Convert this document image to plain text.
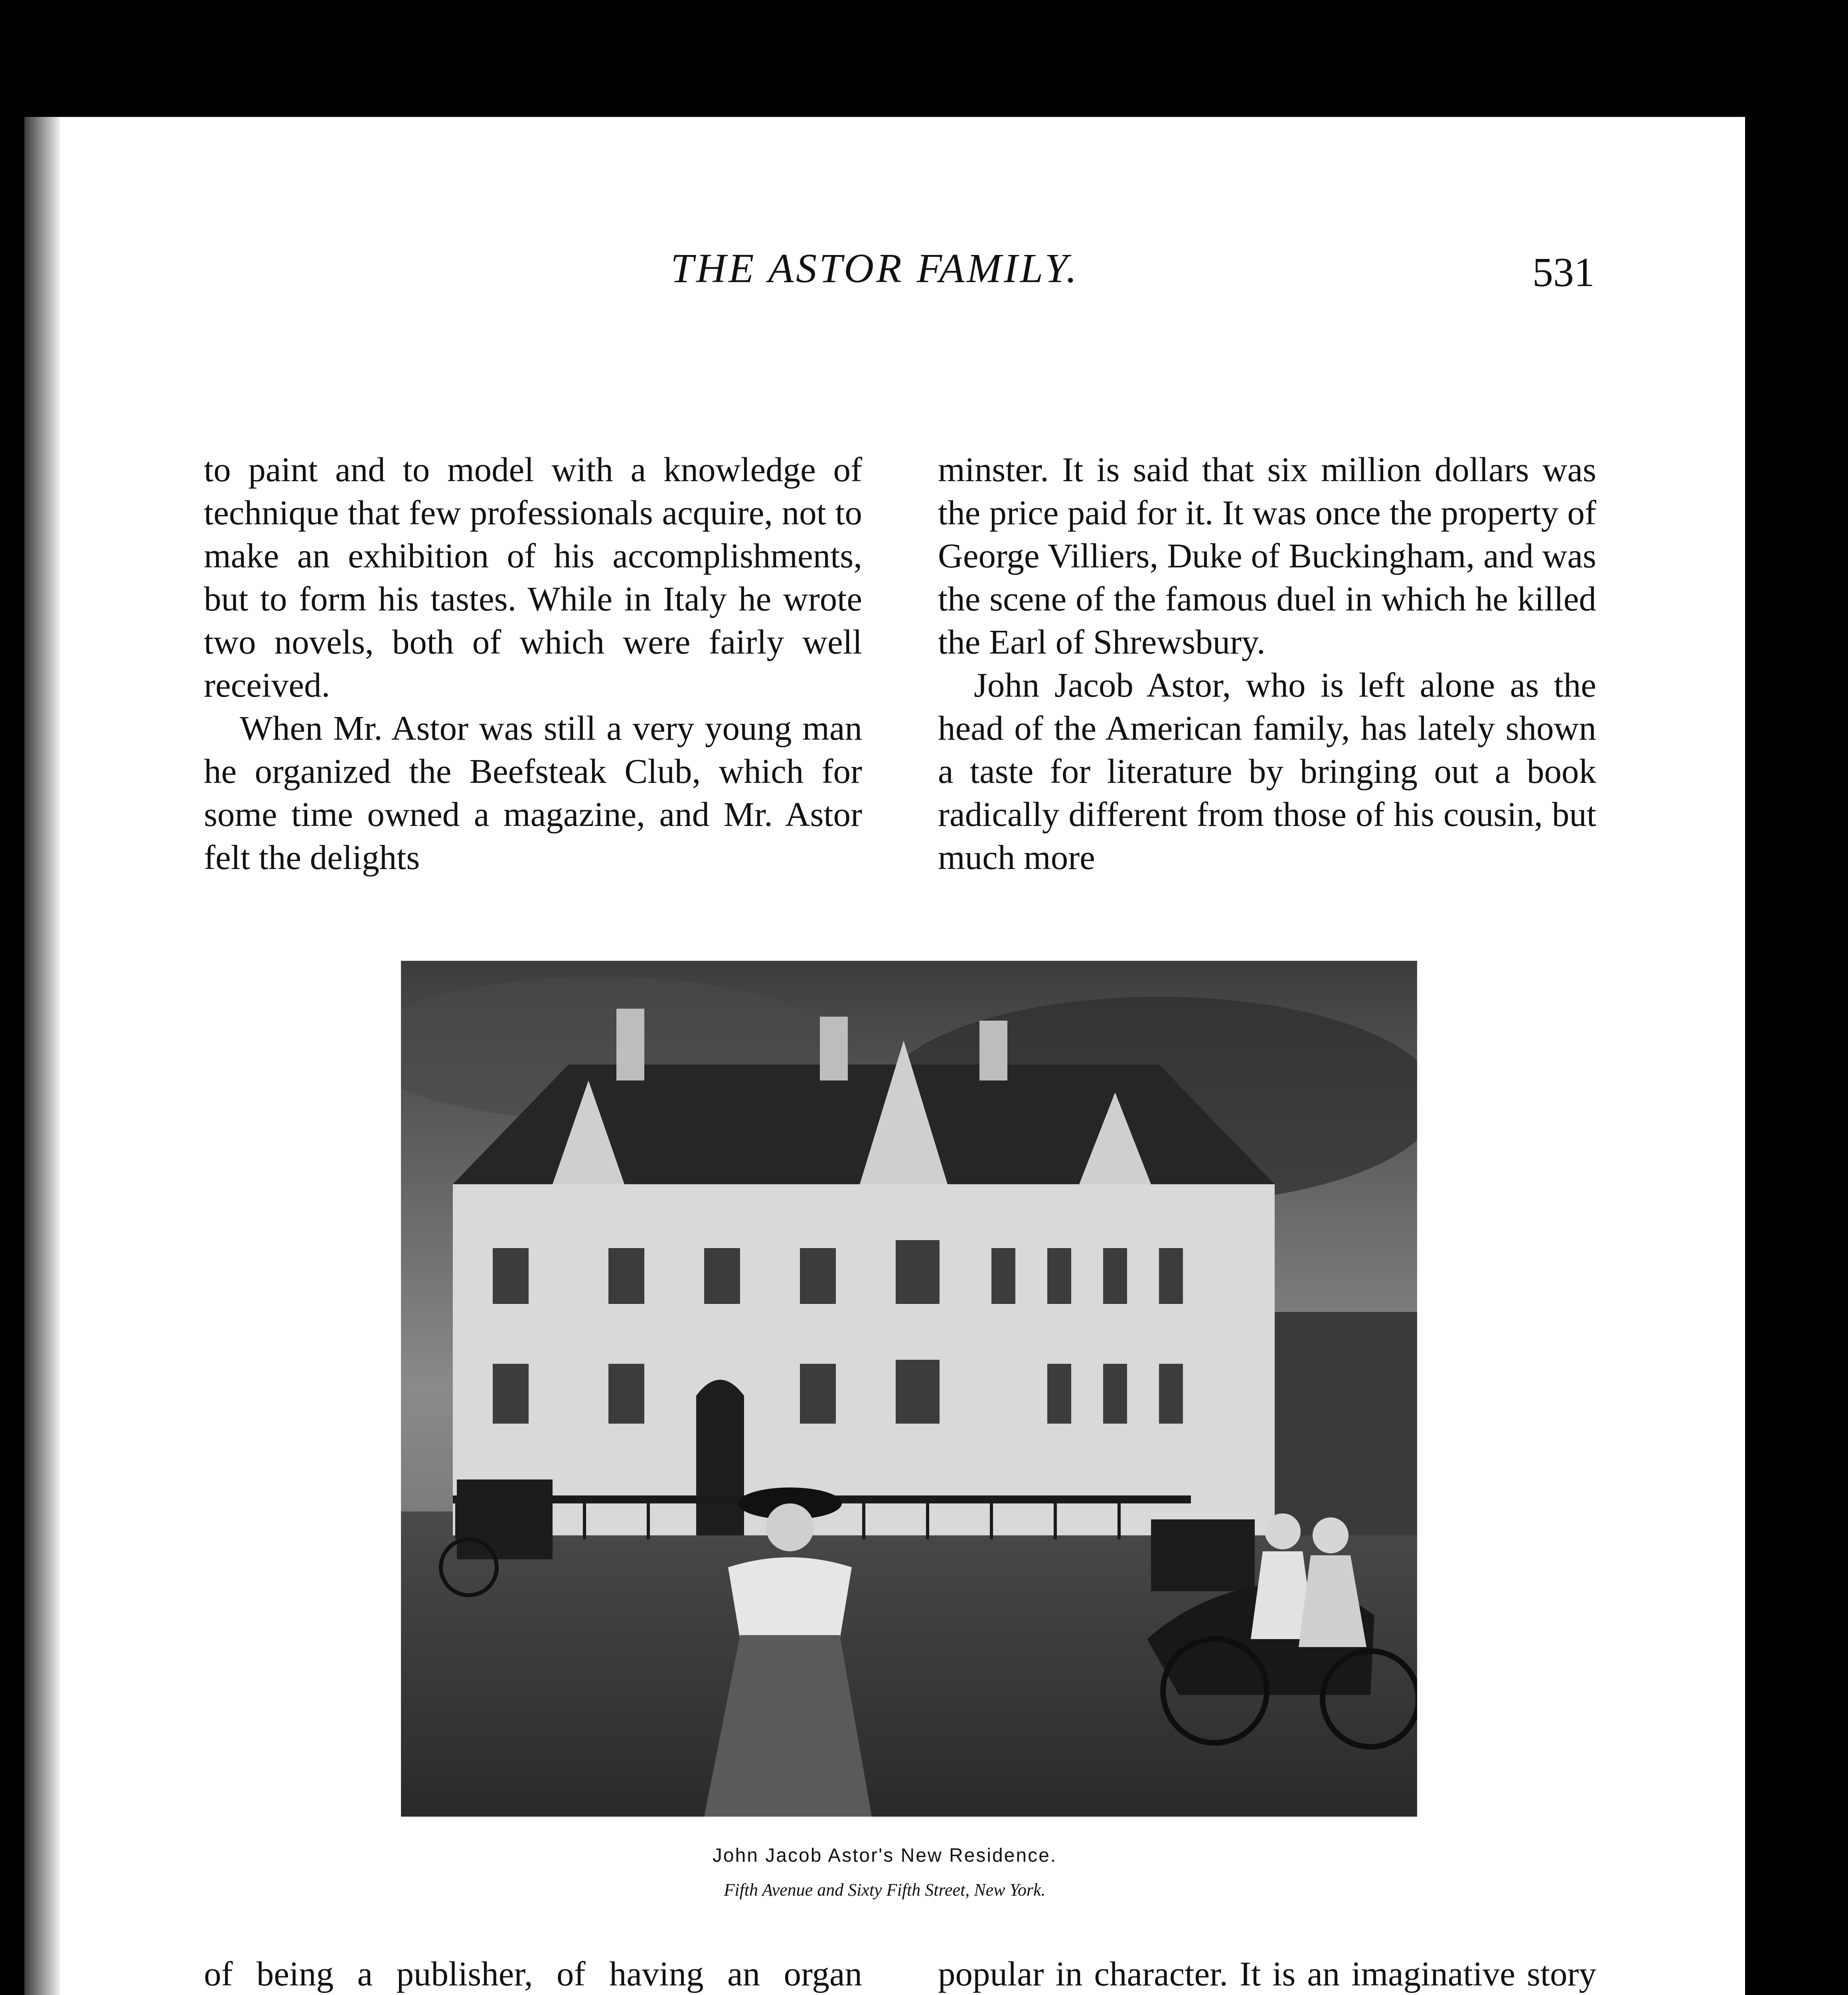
THE ASTOR FAMILY.	531

to paint and to model with a knowledge of technique that few professionals acquire, not to make an exhibition of his accomplishments, but to form his tastes. While in Italy he wrote two novels, both of which were fairly well received.

When Mr. Astor was still a very young man he organized the Beefsteak Club, which for some time owned a magazine, and Mr. Astor felt the delights

minster. It is said that six million dollars was the price paid for it. It was once the property of George Villiers, Duke of Buckingham, and was the scene of the famous duel in which he killed the Earl of Shrewsbury.

John Jacob Astor, who is left alone as the head of the American family, has lately shown a taste for literature by bringing out a book radically different from those of his cousin, but much more

John Jacob Astor's New Residence.
Fifth Avenue and Sixty Fifth Street, New York.

of being a publisher, of having an organ popular in character. It is an imaginative story
